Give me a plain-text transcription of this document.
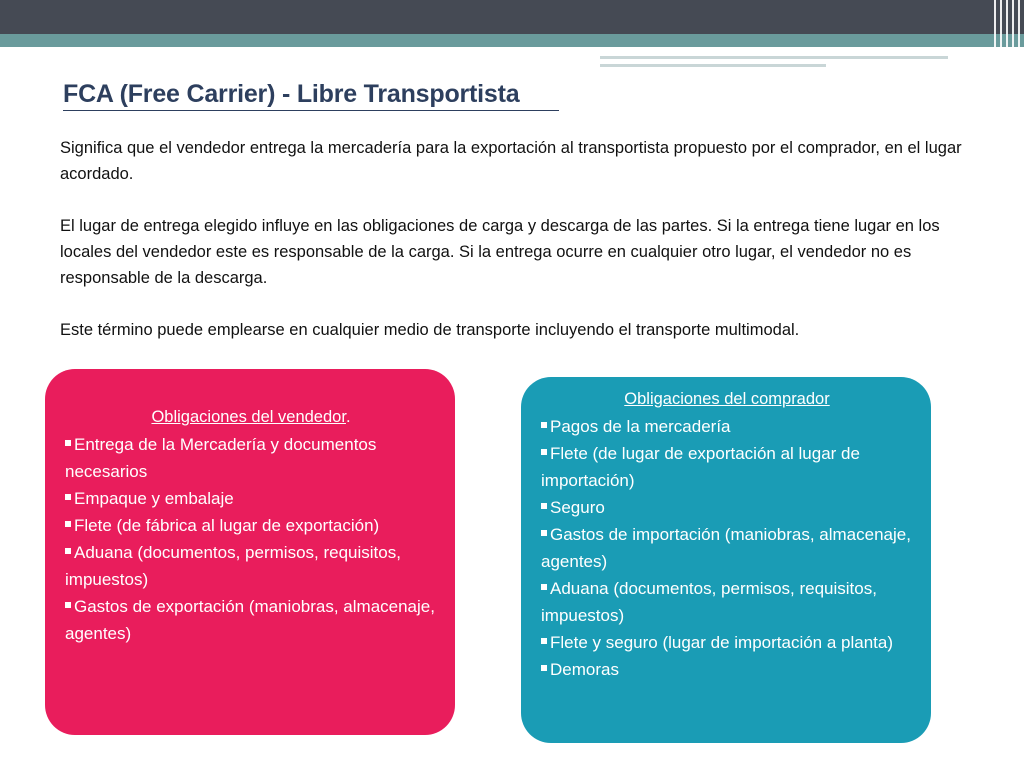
FCA (Free Carrier) - Libre Transportista

Significa que el vendedor entrega la mercadería para la exportación al transportista propuesto por el comprador, en el lugar acordado.

El lugar de entrega elegido influye en las obligaciones de carga y descarga de las partes. Si la entrega tiene lugar en los locales del vendedor este es responsable de la carga. Si la entrega ocurre en cualquier otro lugar, el vendedor no es responsable de la descarga.

Este término puede emplearse en cualquier medio de transporte incluyendo el transporte multimodal.

Obligaciones del vendedor.
Entrega de la Mercadería y documentos necesarios
Empaque y embalaje
Flete (de fábrica al lugar de exportación)
Aduana (documentos, permisos, requisitos, impuestos)
Gastos de exportación (maniobras, almacenaje, agentes)
Obligaciones del comprador
Pagos de la mercadería
Flete (de lugar de exportación al lugar de importación)
Seguro
Gastos de importación (maniobras, almacenaje, agentes)
Aduana (documentos, permisos, requisitos, impuestos)
Flete y seguro (lugar de importación a planta)
Demoras
